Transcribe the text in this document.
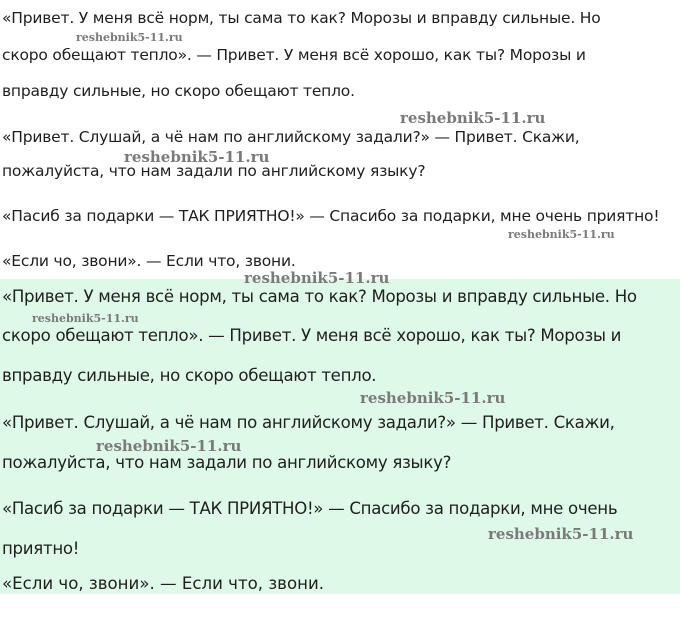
«Привет. У меня всё норм, ты сама то как? Морозы и вправду сильные. Но
скоро обещают тепло». — Привет. У меня всё хорошо, как ты? Морозы и
вправду сильные, но скоро обещают тепло.
«Привет. Слушай, а чё нам по английскому задали?» — Привет. Скажи,
пожалуйста, что нам задали по английскому языку?
«Пасиб за подарки — ТАК ПРИЯТНО!» — Спасибо за подарки, мне очень приятно!
«Если чо, звони». — Если что, звони.
«Привет. У меня всё норм, ты сама то как? Морозы и вправду сильные. Но
скоро обещают тепло». — Привет. У меня всё хорошо, как ты? Морозы и
вправду сильные, но скоро обещают тепло.
«Привет. Слушай, а чё нам по английскому задали?» — Привет. Скажи,
пожалуйста, что нам задали по английскому языку?
«Пасиб за подарки — ТАК ПРИЯТНО!» — Спасибо за подарки, мне очень
приятно!
«Если чо, звони». — Если что, звони.
reshebnik5-11.ru
reshebnik5-11.ru
reshebnik5-11.ru
reshebnik5-11.ru
reshebnik5-11.ru
reshebnik5-11.ru
reshebnik5-11.ru
reshebnik5-11.ru
reshebnik5-11.ru
